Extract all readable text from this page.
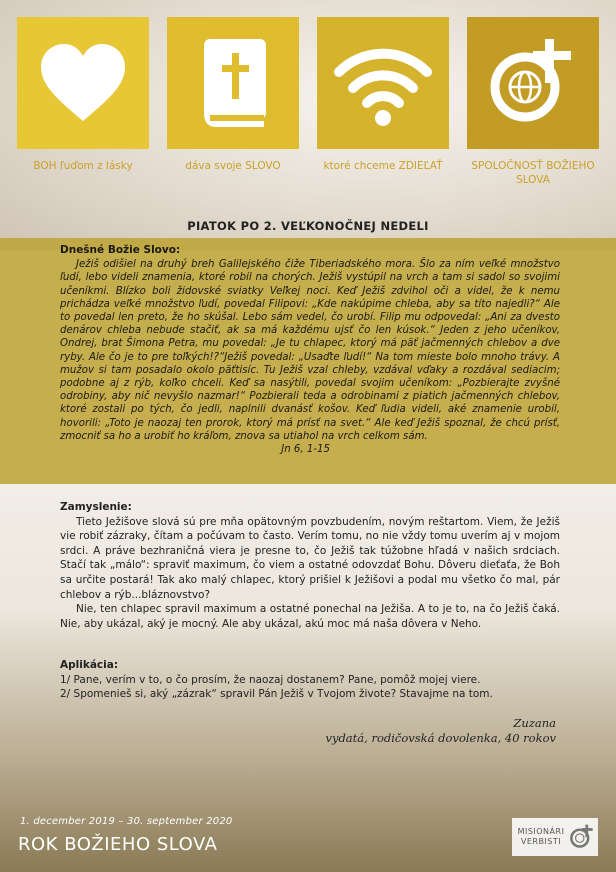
BOH ľuďom z lásky	dáva svoje SLOVO	ktoré chceme ZDIEĽAŤ	SPOLOČNOSŤ BOŽIEHO SLOVA
PIATOK PO 2. VEĽKONOČNEJ NEDELI
Dnešné Božie Slovo:
Ježiš odišiel na druhý breh Galilejského čiže Tiberiadského mora. Šlo za ním veľké množstvo ľudí, lebo videli znamenia, ktoré robil na chorých. Ježiš vystúpil na vrch a tam si sadol so svojimi učeníkmi. Blízko boli židovské sviatky Veľkej noci. Keď Ježiš zdvihol oči a videl, že k nemu prichádza veľké množstvo ľudí, povedal Filipovi: „Kde nakúpime chleba, aby sa títo najedli?“ Ale to povedal len preto, že ho skúšal. Lebo sám vedel, čo urobí. Filip mu odpovedal: „Ani za dvesto denárov chleba nebude stačiť, ak sa má každému ujsť čo len kúsok.“ Jeden z jeho učeníkov, Ondrej, brat Šimona Petra, mu povedal: „Je tu chlapec, ktorý má päť jačmenných chlebov a dve ryby. Ale čo je to pre toľkých!?“Ježiš povedal: „Usaďte ľudí!“ Na tom mieste bolo mnoho trávy. A mužov si tam posadalo okolo päťtisíc. Tu Ježiš vzal chleby, vzdával vďaky a rozdával sediacim; podobne aj z rýb, koľko chceli. Keď sa nasýtili, povedal svojim učeníkom: „Pozbierajte zvyšné odrobiny, aby nič nevyšlo nazmar!“ Pozbierali teda a odrobinami z piatich jačmenných chlebov, ktoré zostali po tých, čo jedli, naplnili dvanásť košov. Keď ľudia videli, aké znamenie urobil, hovorili: „Toto je naozaj ten prorok, ktorý má prísť na svet.“ Ale keď Ježiš spoznal, že chcú prísť, zmocniť sa ho a urobiť ho kráľom, znova sa utiahol na vrch celkom sám.
Jn 6, 1-15
Zamyslenie:

Tieto Ježišove slová sú pre mňa opätovným povzbudením, novým reštartom. Viem, že Ježiš vie robiť zázraky, čítam a počúvam to často. Verím tomu, no nie vždy tomu uverím aj v mojom srdci. A práve bezhraničná viera je presne to, čo Ježiš tak túžobne hľadá v našich srdciach. Stačí tak „málo“: spraviť maximum, čo viem a ostatné odovzdať Bohu. Dôveru dieťaťa, že Boh sa určite postará! Tak ako malý chlapec, ktorý prišiel k Ježišovi a podal mu všetko čo mal, pár chlebov a rýb...bláznovstvo?

Nie, ten chlapec spravil maximum a ostatné ponechal na Ježiša. A to je to, na čo Ježiš čaká. Nie, aby ukázal, aký je mocný. Ale aby ukázal, akú moc má naša dôvera v Neho.

Aplikácia:

1/ Pane, verím v to, o čo prosím, že naozaj dostanem? Pane, pomôž mojej viere.

2/ Spomenieš si, aký „zázrak“ spravil Pán Ježiš v Tvojom živote? Stavajme na tom.

Zuzana
vydatá, rodičovská dovolenka, 40 rokov
1. december 2019 – 30. september 2020
ROK BOŽIEHO SLOVA
MISIONÁRI
VERBISTI
